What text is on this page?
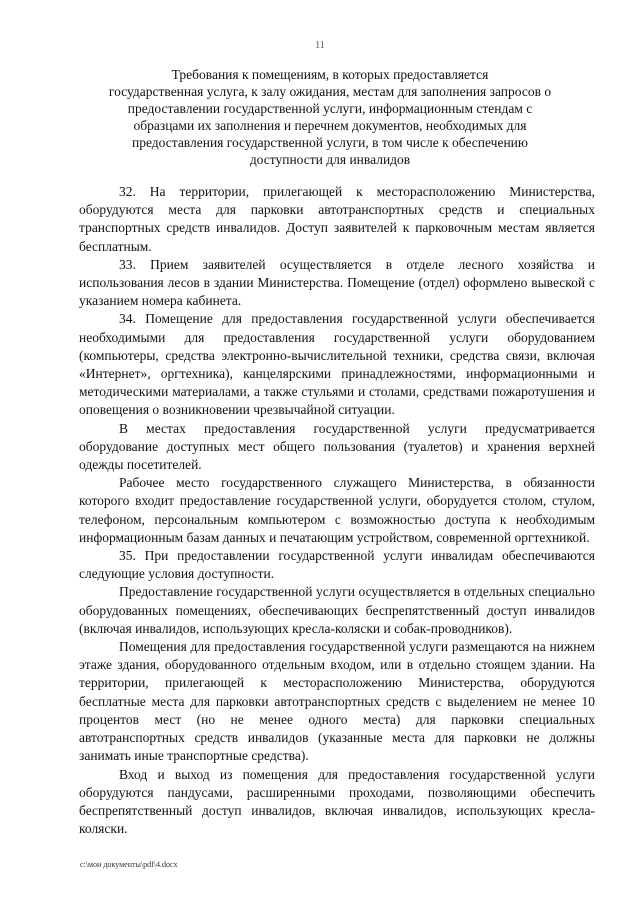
11
Требования к помещениям, в которых предоставляется
государственная услуга, к залу ожидания, местам для заполнения запросов о
предоставлении государственной услуги, информационным стендам с
образцами их заполнения и перечнем документов, необходимых для
предоставления государственной услуги, в том числе к обеспечению
доступности для инвалидов

32. На территории, прилегающей к месторасположению Министерства, оборудуются места для парковки автотранспортных средств и специальных транспортных средств инвалидов. Доступ заявителей к парковочным местам является бесплатным.

33. Прием заявителей осуществляется в отделе лесного хозяйства и использования лесов в здании Министерства. Помещение (отдел) оформлено вывеской с указанием номера кабинета.

34. Помещение для предоставления государственной услуги обеспечивается необходимыми для предоставления государственной услуги оборудованием (компьютеры, средства электронно-вычислительной техники, средства связи, включая «Интернет», оргтехника), канцелярскими принадлежностями, информационными и методическими материалами, а также стульями и столами, средствами пожаротушения и оповещения о возникновении чрезвычайной ситуации.

В местах предоставления государственной услуги предусматривается оборудование доступных мест общего пользования (туалетов) и хранения верхней одежды посетителей.

Рабочее место государственного служащего Министерства, в обязанности которого входит предоставление государственной услуги, оборудуется столом, стулом, телефоном, персональным компьютером с возможностью доступа к необходимым информационным базам данных и печатающим устройством, современной оргтехникой.

35. При предоставлении государственной услуги инвалидам обеспечиваются следующие условия доступности.

Предоставление государственной услуги осуществляется в отдельных специально оборудованных помещениях, обеспечивающих беспрепятственный доступ инвалидов (включая инвалидов, использующих кресла-коляски и собак-проводников).

Помещения для предоставления государственной услуги размещаются на нижнем этаже здания, оборудованного отдельным входом, или в отдельно стоящем здании. На территории, прилегающей к месторасположению Министерства, оборудуются бесплатные места для парковки автотранспортных средств с выделением не менее 10 процентов мест (но не менее одного места) для парковки специальных автотранспортных средств инвалидов (указанные места для парковки не должны занимать иные транспортные средства).

Вход и выход из помещения для предоставления государственной услуги оборудуются пандусами, расширенными проходами, позволяющими обеспечить беспрепятственный доступ инвалидов, включая инвалидов, использующих кресла-коляски.

c:\мои документы\pdf\4.docx
